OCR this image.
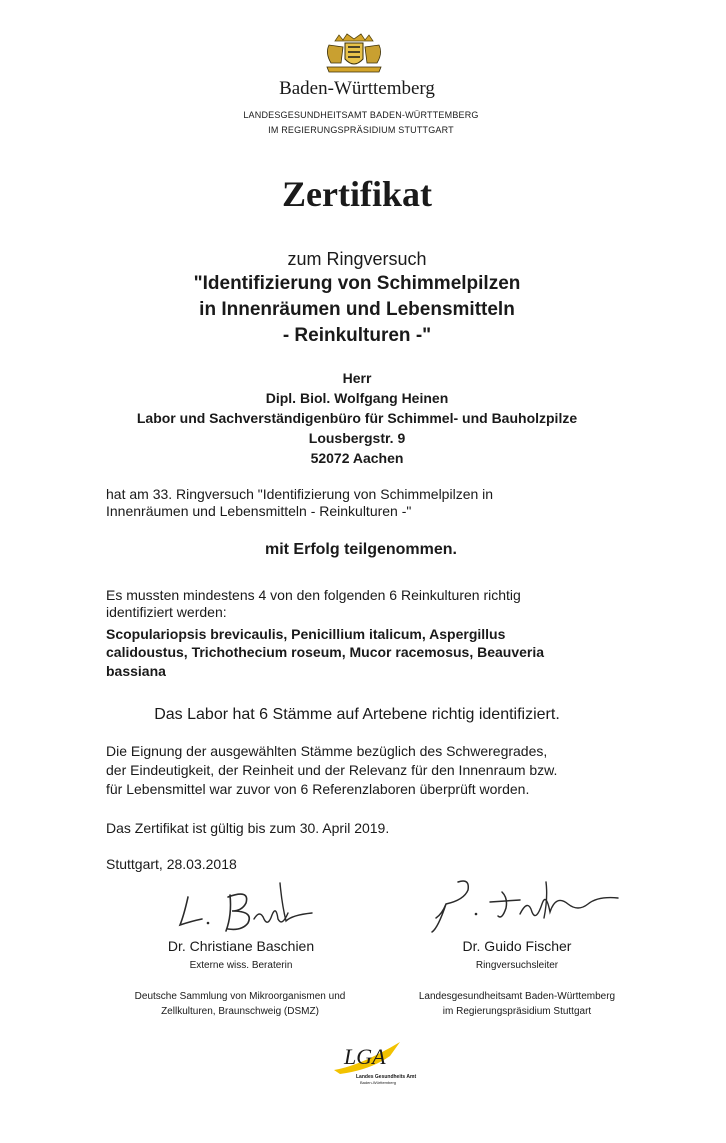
Baden-Württemberg
LANDESGESUNDHEITSAMT BADEN-WÜRTTEMBERG
IM REGIERUNGSPRÄSIDIUM STUTTGART
Zertifikat
zum Ringversuch
"Identifizierung von Schimmelpilzen
in Innenräumen und Lebensmitteln
- Reinkulturen -"
Herr
Dipl. Biol. Wolfgang Heinen
Labor und Sachverständigenbüro für Schimmel- und Bauholzpilze
Lousbergstr. 9
52072 Aachen
hat am 33. Ringversuch "Identifizierung von Schimmelpilzen in
Innenräumen und Lebensmitteln - Reinkulturen -"
mit Erfolg teilgenommen.
Es mussten mindestens 4 von den folgenden 6 Reinkulturen richtig
identifiziert werden:
Scopulariopsis brevicaulis, Penicillium italicum, Aspergillus
calidoustus, Trichothecium roseum, Mucor racemosus, Beauveria
bassiana
Das Labor hat 6 Stämme auf Artebene richtig identifiziert.
Die Eignung der ausgewählten Stämme bezüglich des Schweregrades,
der Eindeutigkeit, der Reinheit und der Relevanz für den Innenraum bzw.
für Lebensmittel war zuvor von 6 Referenzlaboren überprüft worden.
Das Zertifikat ist gültig bis zum 30. April 2019.
Stuttgart, 28.03.2018
Dr. Christiane Baschien
Externe wiss. Beraterin
Deutsche Sammlung von Mikroorganismen und
Zellkulturen, Braunschweig (DSMZ)
Dr. Guido Fischer
Ringversuchsleiter
Landesgesundheitsamt Baden-Württemberg
im Regierungspräsidium Stuttgart
LGA
Landes Gesundheits Amt
Baden-Württemberg
